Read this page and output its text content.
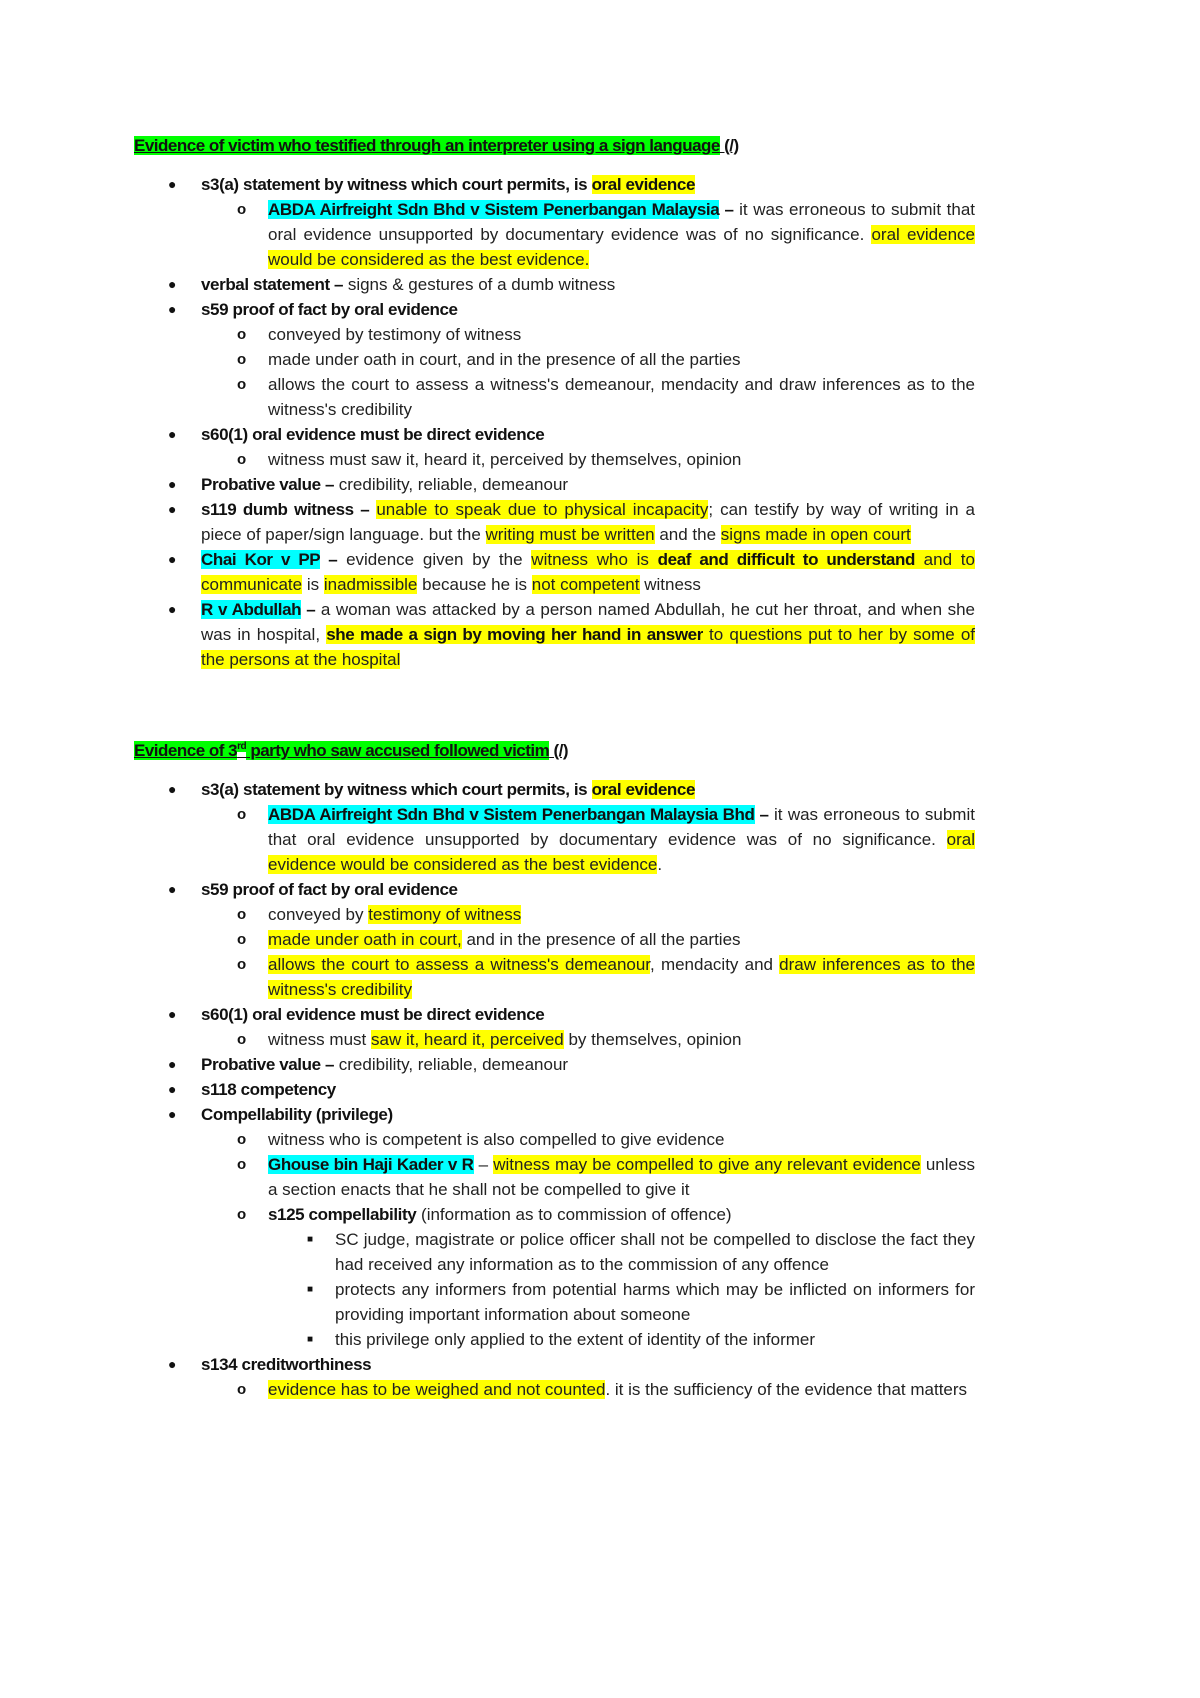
Evidence of victim who testified through an interpreter using a sign language (/)
● s3(a) statement by witness which court permits, is oral evidence
o ABDA Airfreight Sdn Bhd v Sistem Penerbangan Malaysia – it was erroneous to submit that oral evidence unsupported by documentary evidence was of no significance. oral evidence would be considered as the best evidence.
● verbal statement – signs & gestures of a dumb witness
● s59 proof of fact by oral evidence
o conveyed by testimony of witness
o made under oath in court, and in the presence of all the parties
o allows the court to assess a witness's demeanour, mendacity and draw inferences as to the witness's credibility
● s60(1) oral evidence must be direct evidence
o witness must saw it, heard it, perceived by themselves, opinion
● Probative value – credibility, reliable, demeanour
● s119 dumb witness – unable to speak due to physical incapacity; can testify by way of writing in a piece of paper/sign language. but the writing must be written and the signs made in open court
● Chai Kor v PP – evidence given by the witness who is deaf and difficult to understand and to communicate is inadmissible because he is not competent witness
● R v Abdullah – a woman was attacked by a person named Abdullah, he cut her throat, and when she was in hospital, she made a sign by moving her hand in answer to questions put to her by some of the persons at the hospital
Evidence of 3rd party who saw accused followed victim (/)
● s3(a) statement by witness which court permits, is oral evidence
o ABDA Airfreight Sdn Bhd v Sistem Penerbangan Malaysia Bhd – it was erroneous to submit that oral evidence unsupported by documentary evidence was of no significance. oral evidence would be considered as the best evidence.
● s59 proof of fact by oral evidence
o conveyed by testimony of witness
o made under oath in court, and in the presence of all the parties
o allows the court to assess a witness's demeanour, mendacity and draw inferences as to the witness's credibility
● s60(1) oral evidence must be direct evidence
o witness must saw it, heard it, perceived by themselves, opinion
● Probative value – credibility, reliable, demeanour
● s118 competency
● Compellability (privilege)
o witness who is competent is also compelled to give evidence
o Ghouse bin Haji Kader v R – witness may be compelled to give any relevant evidence unless a section enacts that he shall not be compelled to give it
o s125 compellability (information as to commission of offence)
■ SC judge, magistrate or police officer shall not be compelled to disclose the fact they had received any information as to the commission of any offence
■ protects any informers from potential harms which may be inflicted on informers for providing important information about someone
■ this privilege only applied to the extent of identity of the informer
● s134 creditworthiness
o evidence has to be weighed and not counted. it is the sufficiency of the evidence that matters
